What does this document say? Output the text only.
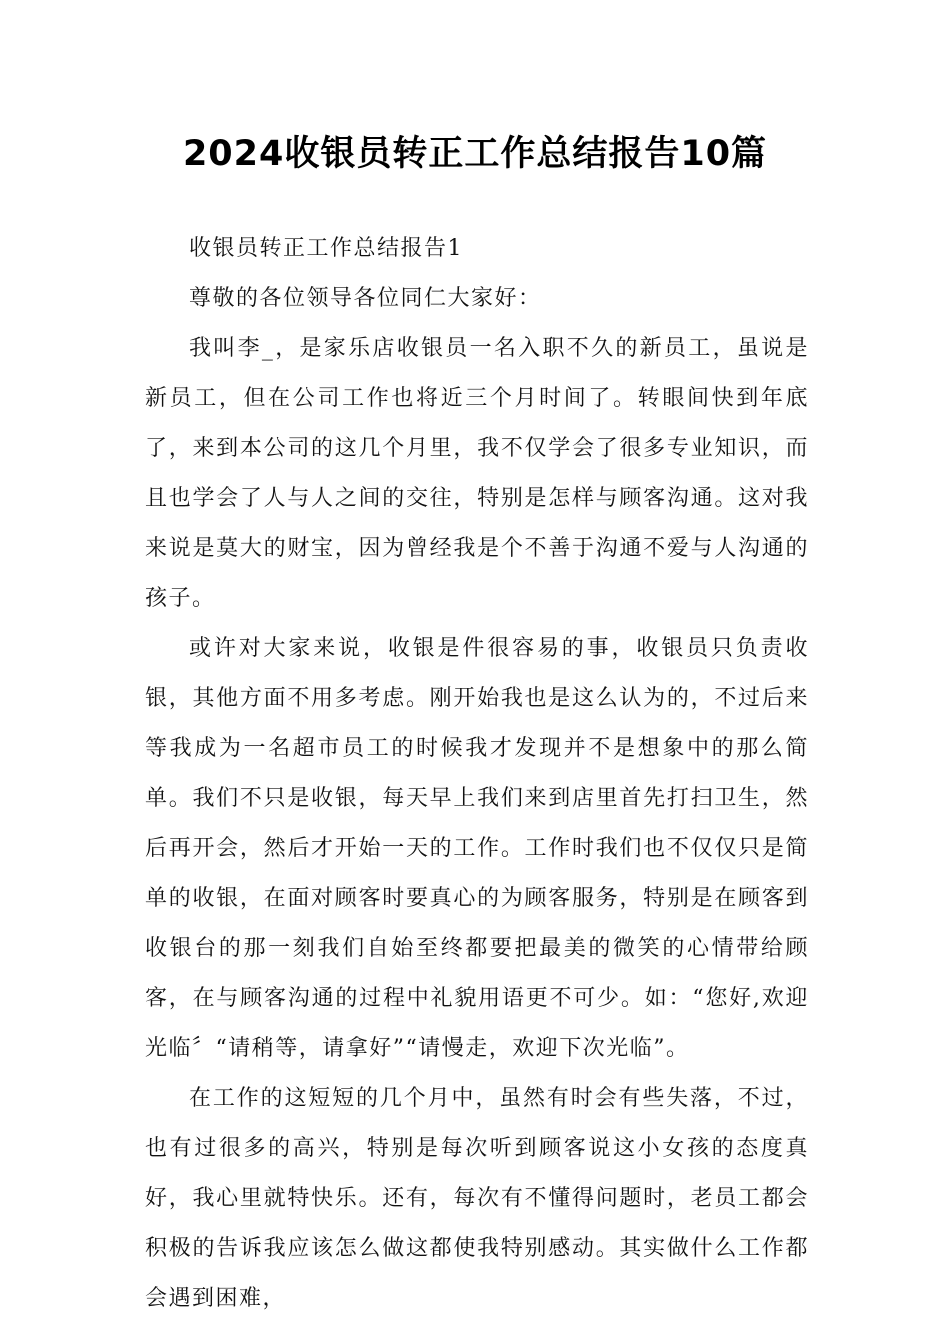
2024收银员转正工作总结报告10篇

收银员转正工作总结报告1

尊敬的各位领导各位同仁大家好：

我叫李_，是家乐店收银员一名入职不久的新员工，虽说是新员工，但在公司工作也将近三个月时间了。转眼间快到年底了，来到本公司的这几个月里，我不仅学会了很多专业知识，而且也学会了人与人之间的交往，特别是怎样与顾客沟通。这对我来说是莫大的财宝，因为曾经我是个不善于沟通不爱与人沟通的孩子。

或许对大家来说，收银是件很容易的事，收银员只负责收银，其他方面不用多考虑。刚开始我也是这么认为的，不过后来等我成为一名超市员工的时候我才发现并不是想象中的那么简单。我们不只是收银，每天早上我们来到店里首先打扫卫生，然后再开会，然后才开始一天的工作。工作时我们也不仅仅只是简单的收银，在面对顾客时要真心的为顾客服务，特别是在顾客到收银台的那一刻我们自始至终都要把最美的微笑的心情带给顾客，在与顾客沟通的过程中礼貌用语更不可少。如：“您好,欢迎光临〞“请稍等，请拿好”“请慢走，欢迎下次光临”。

在工作的这短短的几个月中，虽然有时会有些失落，不过，也有过很多的高兴，特别是每次听到顾客说这小女孩的态度真好，我心里就特快乐。还有，每次有不懂得问题时，老员工都会积极的告诉我应该怎么做这都使我特别感动。其实做什么工作都会遇到困难，
